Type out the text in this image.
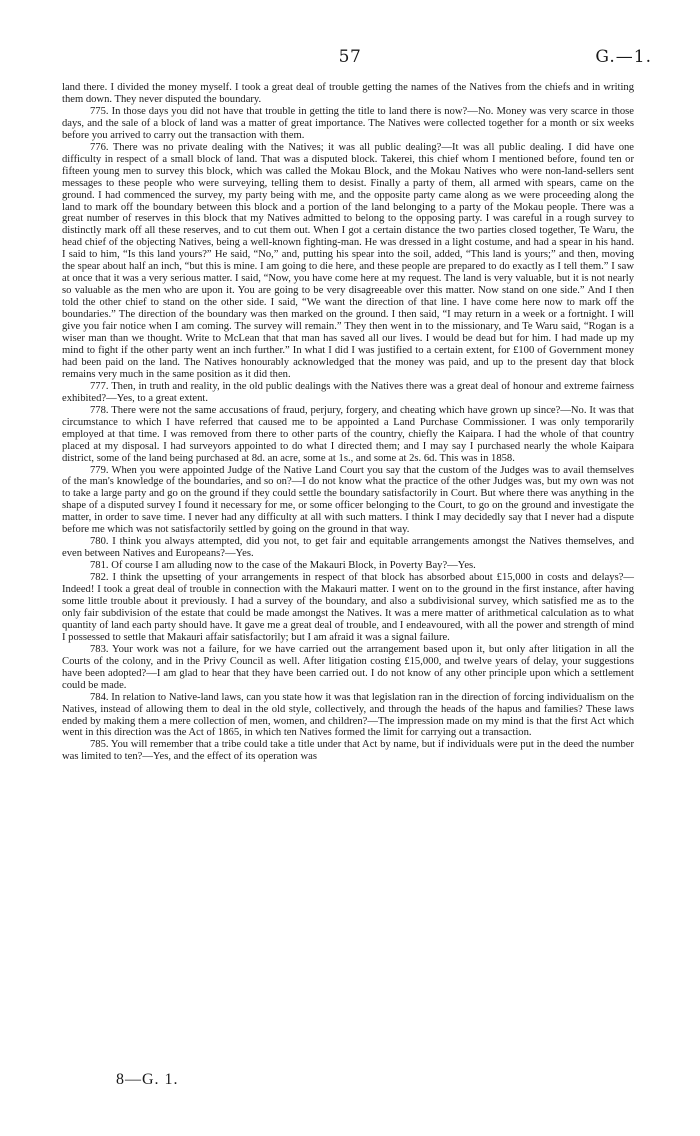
57	G.—1.

land there. I divided the money myself. I took a great deal of trouble getting the names of the Natives from the chiefs and in writing them down. They never disputed the boundary.

775. In those days you did not have that trouble in getting the title to land there is now?—No. Money was very scarce in those days, and the sale of a block of land was a matter of great importance. The Natives were collected together for a month or six weeks before you arrived to carry out the transaction with them.

776. There was no private dealing with the Natives; it was all public dealing?—It was all public dealing. I did have one difficulty in respect of a small block of land. That was a disputed block. Takerei, this chief whom I mentioned before, found ten or fifteen young men to survey this block, which was called the Mokau Block, and the Mokau Natives who were non-land-sellers sent messages to these people who were surveying, telling them to desist. Finally a party of them, all armed with spears, came on the ground. I had commenced the survey, my party being with me, and the opposite party came along as we were proceeding along the land to mark off the boundary between this block and a portion of the land belonging to a party of the Mokau people. There was a great number of reserves in this block that my Natives admitted to belong to the opposing party. I was careful in a rough survey to distinctly mark off all these reserves, and to cut them out. When I got a certain distance the two parties closed together, Te Waru, the head chief of the objecting Natives, being a well-known fighting-man. He was dressed in a light costume, and had a spear in his hand. I said to him, “Is this land yours?” He said, “No,” and, putting his spear into the soil, added, “This land is yours;” and then, moving the spear about half an inch, “but this is mine. I am going to die here, and these people are prepared to do exactly as I tell them.” I saw at once that it was a very serious matter. I said, “Now, you have come here at my request. The land is very valuable, but it is not nearly so valuable as the men who are upon it. You are going to be very disagreeable over this matter. Now stand on one side.” And I then told the other chief to stand on the other side. I said, “We want the direction of that line. I have come here now to mark off the boundaries.” The direction of the boundary was then marked on the ground. I then said, “I may return in a week or a fortnight. I will give you fair notice when I am coming. The survey will remain.” They then went in to the missionary, and Te Waru said, “Rogan is a wiser man than we thought. Write to McLean that that man has saved all our lives. I would be dead but for him. I had made up my mind to fight if the other party went an inch further.” In what I did I was justified to a certain extent, for £100 of Government money had been paid on the land. The Natives honourably acknowledged that the money was paid, and up to the present day that block remains very much in the same position as it did then.

777. Then, in truth and reality, in the old public dealings with the Natives there was a great deal of honour and extreme fairness exhibited?—Yes, to a great extent.

778. There were not the same accusations of fraud, perjury, forgery, and cheating which have grown up since?—No. It was that circumstance to which I have referred that caused me to be appointed a Land Purchase Commissioner. I was only temporarily employed at that time. I was removed from there to other parts of the country, chiefly the Kaipara. I had the whole of that country placed at my disposal. I had surveyors appointed to do what I directed them; and I may say I purchased nearly the whole Kaipara district, some of the land being purchased at 8d. an acre, some at 1s., and some at 2s. 6d. This was in 1858.

779. When you were appointed Judge of the Native Land Court you say that the custom of the Judges was to avail themselves of the man's knowledge of the boundaries, and so on?—I do not know what the practice of the other Judges was, but my own was not to take a large party and go on the ground if they could settle the boundary satisfactorily in Court. But where there was anything in the shape of a disputed survey I found it necessary for me, or some officer belonging to the Court, to go on the ground and investigate the matter, in order to save time. I never had any difficulty at all with such matters. I think I may decidedly say that I never had a dispute before me which was not satisfactorily settled by going on the ground in that way.

780. I think you always attempted, did you not, to get fair and equitable arrangements amongst the Natives themselves, and even between Natives and Europeans?—Yes.

781. Of course I am alluding now to the case of the Makauri Block, in Poverty Bay?—Yes.

782. I think the upsetting of your arrangements in respect of that block has absorbed about £15,000 in costs and delays?—Indeed! I took a great deal of trouble in connection with the Makauri matter. I went on to the ground in the first instance, after having some little trouble about it previously. I had a survey of the boundary, and also a subdivisional survey, which satisfied me as to the only fair subdivision of the estate that could be made amongst the Natives. It was a mere matter of arithmetical calculation as to what quantity of land each party should have. It gave me a great deal of trouble, and I endeavoured, with all the power and strength of mind I possessed to settle that Makauri affair satisfactorily; but I am afraid it was a signal failure.

783. Your work was not a failure, for we have carried out the arrangement based upon it, but only after litigation in all the Courts of the colony, and in the Privy Council as well. After litigation costing £15,000, and twelve years of delay, your suggestions have been adopted?—I am glad to hear that they have been carried out. I do not know of any other principle upon which a settlement could be made.

784. In relation to Native-land laws, can you state how it was that legislation ran in the direction of forcing individualism on the Natives, instead of allowing them to deal in the old style, collectively, and through the heads of the hapus and families? These laws ended by making them a mere collection of men, women, and children?—The impression made on my mind is that the first Act which went in this direction was the Act of 1865, in which ten Natives formed the limit for carrying out a transaction.

785. You will remember that a tribe could take a title under that Act by name, but if individuals were put in the deed the number was limited to ten?—Yes, and the effect of its operation was

8—G. 1.
